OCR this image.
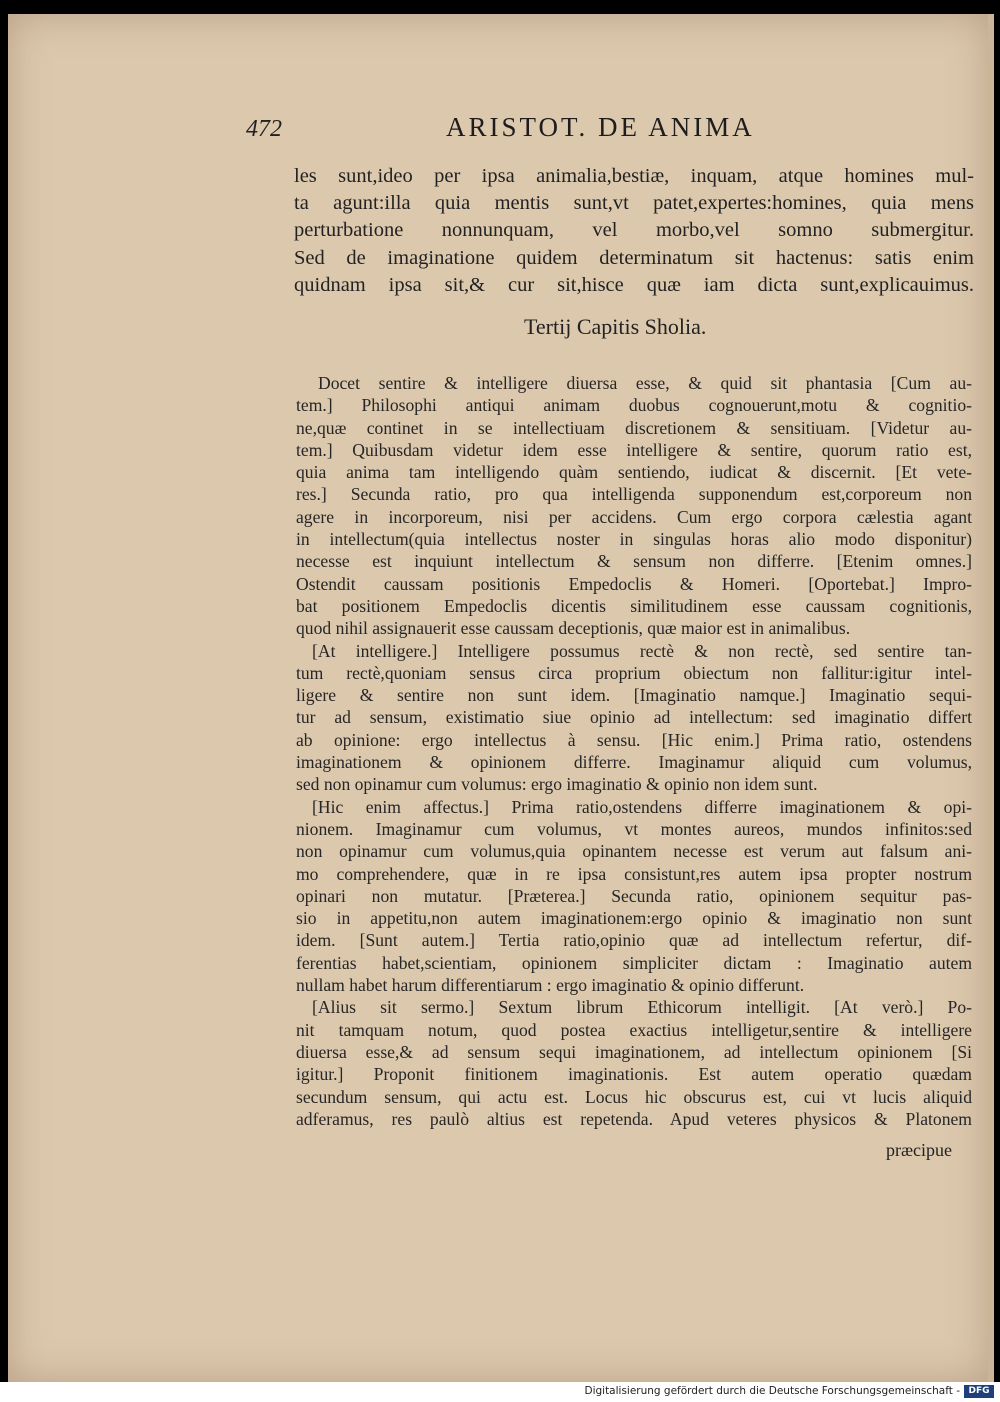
472	ARISTOT. DE ANIMA
les sunt,ideo per ipsa animalia,bestiæ, inquam, atque homines mul-
ta agunt:illa quia mentis sunt,vt patet,expertes:homines, quia mens
perturbatione nonnunquam, vel morbo,vel somno submergitur.
Sed de imaginatione quidem determinatum sit hactenus: satis enim
quidnam ipsa sit,& cur sit,hisce quæ iam dicta sunt,explicauimus.
Tertij Capitis Sholia.
Docet sentire & intelligere diuersa esse, & quid sit phantasia [Cum au-
tem.] Philosophi antiqui animam duobus cognouerunt,motu & cognitio-
ne,quæ continet in se intellectiuam discretionem & sensitiuam. [Videtur au-
tem.] Quibusdam videtur idem esse intelligere & sentire, quorum ratio est,
quia anima tam intelligendo quàm sentiendo, iudicat & discernit. [Et vete-
res.] Secunda ratio, pro qua intelligenda supponendum est,corporeum non
agere in incorporeum, nisi per accidens. Cum ergo corpora cælestia agant
in intellectum(quia intellectus noster in singulas horas alio modo disponitur)
necesse est inquiunt intellectum & sensum non differre. [Etenim omnes.]
Ostendit caussam positionis Empedoclis & Homeri. [Oportebat.] Impro-
bat positionem Empedoclis dicentis similitudinem esse caussam cognitionis,
quod nihil assignauerit esse caussam deceptionis, quæ maior est in animalibus.
[At intelligere.] Intelligere possumus rectè & non rectè, sed sentire tan-
tum rectè,quoniam sensus circa proprium obiectum non fallitur:igitur intel-
ligere & sentire non sunt idem. [Imaginatio namque.] Imaginatio sequi-
tur ad sensum, existimatio siue opinio ad intellectum: sed imaginatio differt
ab opinione: ergo intellectus à sensu. [Hic enim.] Prima ratio, ostendens
imaginationem & opinionem differre. Imaginamur aliquid cum volumus,
sed non opinamur cum volumus: ergo imaginatio & opinio non idem sunt.
[Hic enim affectus.] Prima ratio,ostendens differre imaginationem & opi-
nionem. Imaginamur cum volumus, vt montes aureos, mundos infinitos:sed
non opinamur cum volumus,quia opinantem necesse est verum aut falsum ani-
mo comprehendere, quæ in re ipsa consistunt,res autem ipsa propter nostrum
opinari non mutatur. [Præterea.] Secunda ratio, opinionem sequitur pas-
sio in appetitu,non autem imaginationem:ergo opinio & imaginatio non sunt
idem. [Sunt autem.] Tertia ratio,opinio quæ ad intellectum refertur, dif-
ferentias habet,scientiam, opinionem simpliciter dictam : Imaginatio autem
nullam habet harum differentiarum : ergo imaginatio & opinio differunt.
[Alius sit sermo.] Sextum librum Ethicorum intelligit. [At verò.] Po-
nit tamquam notum, quod postea exactius intelligetur,sentire & intelligere
diuersa esse,& ad sensum sequi imaginationem, ad intellectum opinionem [Si
igitur.] Proponit finitionem imaginationis. Est autem operatio quædam
secundum sensum, qui actu est. Locus hic obscurus est, cui vt lucis aliquid
adferamus, res paulò altius est repetenda. Apud veteres physicos & Platonem
præcipue
Digitalisierung gefördert durch die Deutsche Forschungsgemeinschaft - DFG
